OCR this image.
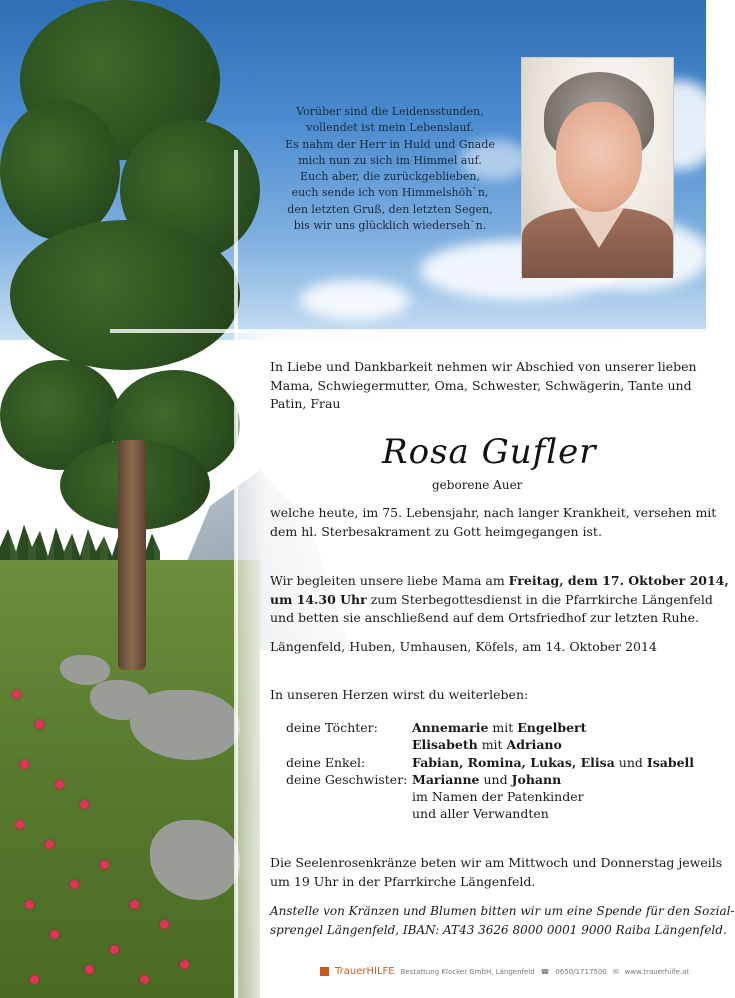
Vorüber sind die Leidensstunden,
vollendet ist mein Lebenslauf.
Es nahm der Herr in Huld und Gnade
mich nun zu sich im Himmel auf.
Euch aber, die zurückgeblieben,
euch sende ich von Himmelshöh`n,
den letzten Gruß, den letzten Segen,
bis wir uns glücklich wiederseh`n.
In Liebe und Dankbarkeit nehmen wir Abschied von unserer lieben
Mama, Schwiegermutter, Oma, Schwester, Schwägerin, Tante und
Patin, Frau
Rosa Gufler
geborene Auer
welche heute, im 75. Lebensjahr, nach langer Krankheit, versehen mit
dem hl. Sterbesakrament zu Gott heimgegangen ist.
Wir begleiten unsere liebe Mama am Freitag, dem 17. Oktober 2014,
um 14.30 Uhr zum Sterbegottesdienst in die Pfarrkirche Längenfeld
und betten sie anschließend auf dem Ortsfriedhof zur letzten Ruhe.
Längenfeld, Huben, Umhausen, Köfels, am 14. Oktober 2014
In unseren Herzen wirst du weiterleben:
deine Töchter:	Annemarie mit Engelbert
Elisabeth mit Adriano
deine Enkel:	Fabian, Romina, Lukas, Elisa und Isabell
deine Geschwister: Marianne und Johann
im Namen der Patenkinder
und aller Verwandten
Die Seelenrosenkränze beten wir am Mittwoch und Donnerstag jeweils
um 19 Uhr in der Pfarrkirche Längenfeld.
Anstelle von Kränzen und Blumen bitten wir um eine Spende für den Sozial-
sprengel Längenfeld, IBAN: AT43 3626 8000 0001 9000 Raiba Längenfeld.
TrauerHILFE Bestattung Klocker GmbH, Längenfeld ☎ 0650/1717500 ✉ www.trauerhilfe.at
